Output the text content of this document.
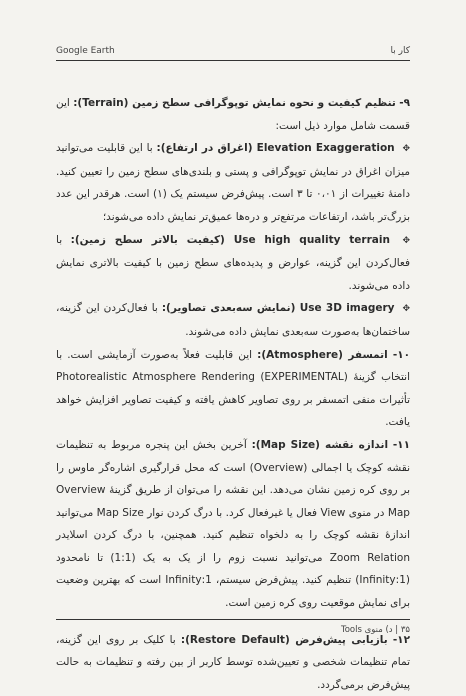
Google Earth	کار با

۹- تنظیم کیفیت و نحوه نمایش توپوگرافی سطح زمین (Terrain): این قسمت شامل موارد ذیل است:

✥ Elevation Exaggeration (اغراق در ارتفاع): با این قابلیت می‌توانید میزان اغراق در نمایش توپوگرافی و پستی و بلندی‌های سطح زمین را تعیین کنید. دامنهٔ تغییرات از ۰،۰۱ تا ۳ است. پیش‌فرض سیستم یک (۱) است. هرقدر این عدد بزرگ‌تر باشد، ارتفاعات مرتفع‌تر و دره‌ها عمیق‌تر نمایش داده می‌شوند؛

✥ Use high quality terrain (کیفیت بالاتر سطح زمین): با فعال‌کردن این گزینه، عوارض و پدیده‌های سطح زمین با کیفیت بالاتری نمایش داده می‌شوند.

✥ Use 3D imagery (نمایش سه‌بعدی تصاویر): با فعال‌کردن این گزینه، ساختمان‌ها به‌صورت سه‌بعدی نمایش داده می‌شوند.

۱۰- اتمسفر (Atmosphere): این قابلیت فعلاً به‌صورت آزمایشی است. با انتخاب گزینهٔ Photorealistic Atmosphere Rendering (EXPERIMENTAL) تأثیرات منفی اتمسفر بر روی تصاویر کاهش یافته و کیفیت تصاویر افزایش خواهد یافت.

۱۱- اندازه نقشه (Map Size): آخرین بخش این پنجره مربوط به تنظیمات نقشه کوچک یا اجمالی (Overview) است که محل قرارگیری اشاره‌گر ماوس را بر روی کره زمین نشان می‌دهد. این نقشه را می‌توان از طریق گزینهٔ Overview Map در منوی View فعال یا غیرفعال کرد. با درگ کردن نوار Map Size می‌توانید اندازهٔ نقشه کوچک را به دلخواه تنظیم کنید. همچنین، با درگ کردن اسلایدر Zoom Relation می‌توانید نسبت زوم را از یک به یک (1:1) تا نامحدود (1:Infinity) تنظیم کنید. پیش‌فرض سیستم، 1:Infinity است که بهترین وضعیت برای نمایش موقعیت روی کره زمین است.

۱۲- بازیابی پیش‌فرض (Restore Default): با کلیک بر روی این گزینه، تمام تنظیمات شخصی و تعیین‌شده توسط کاربر از بین رفته و تنظیمات به حالت پیش‌فرض برمی‌گردد.

۳۵ | د) منوی Tools
